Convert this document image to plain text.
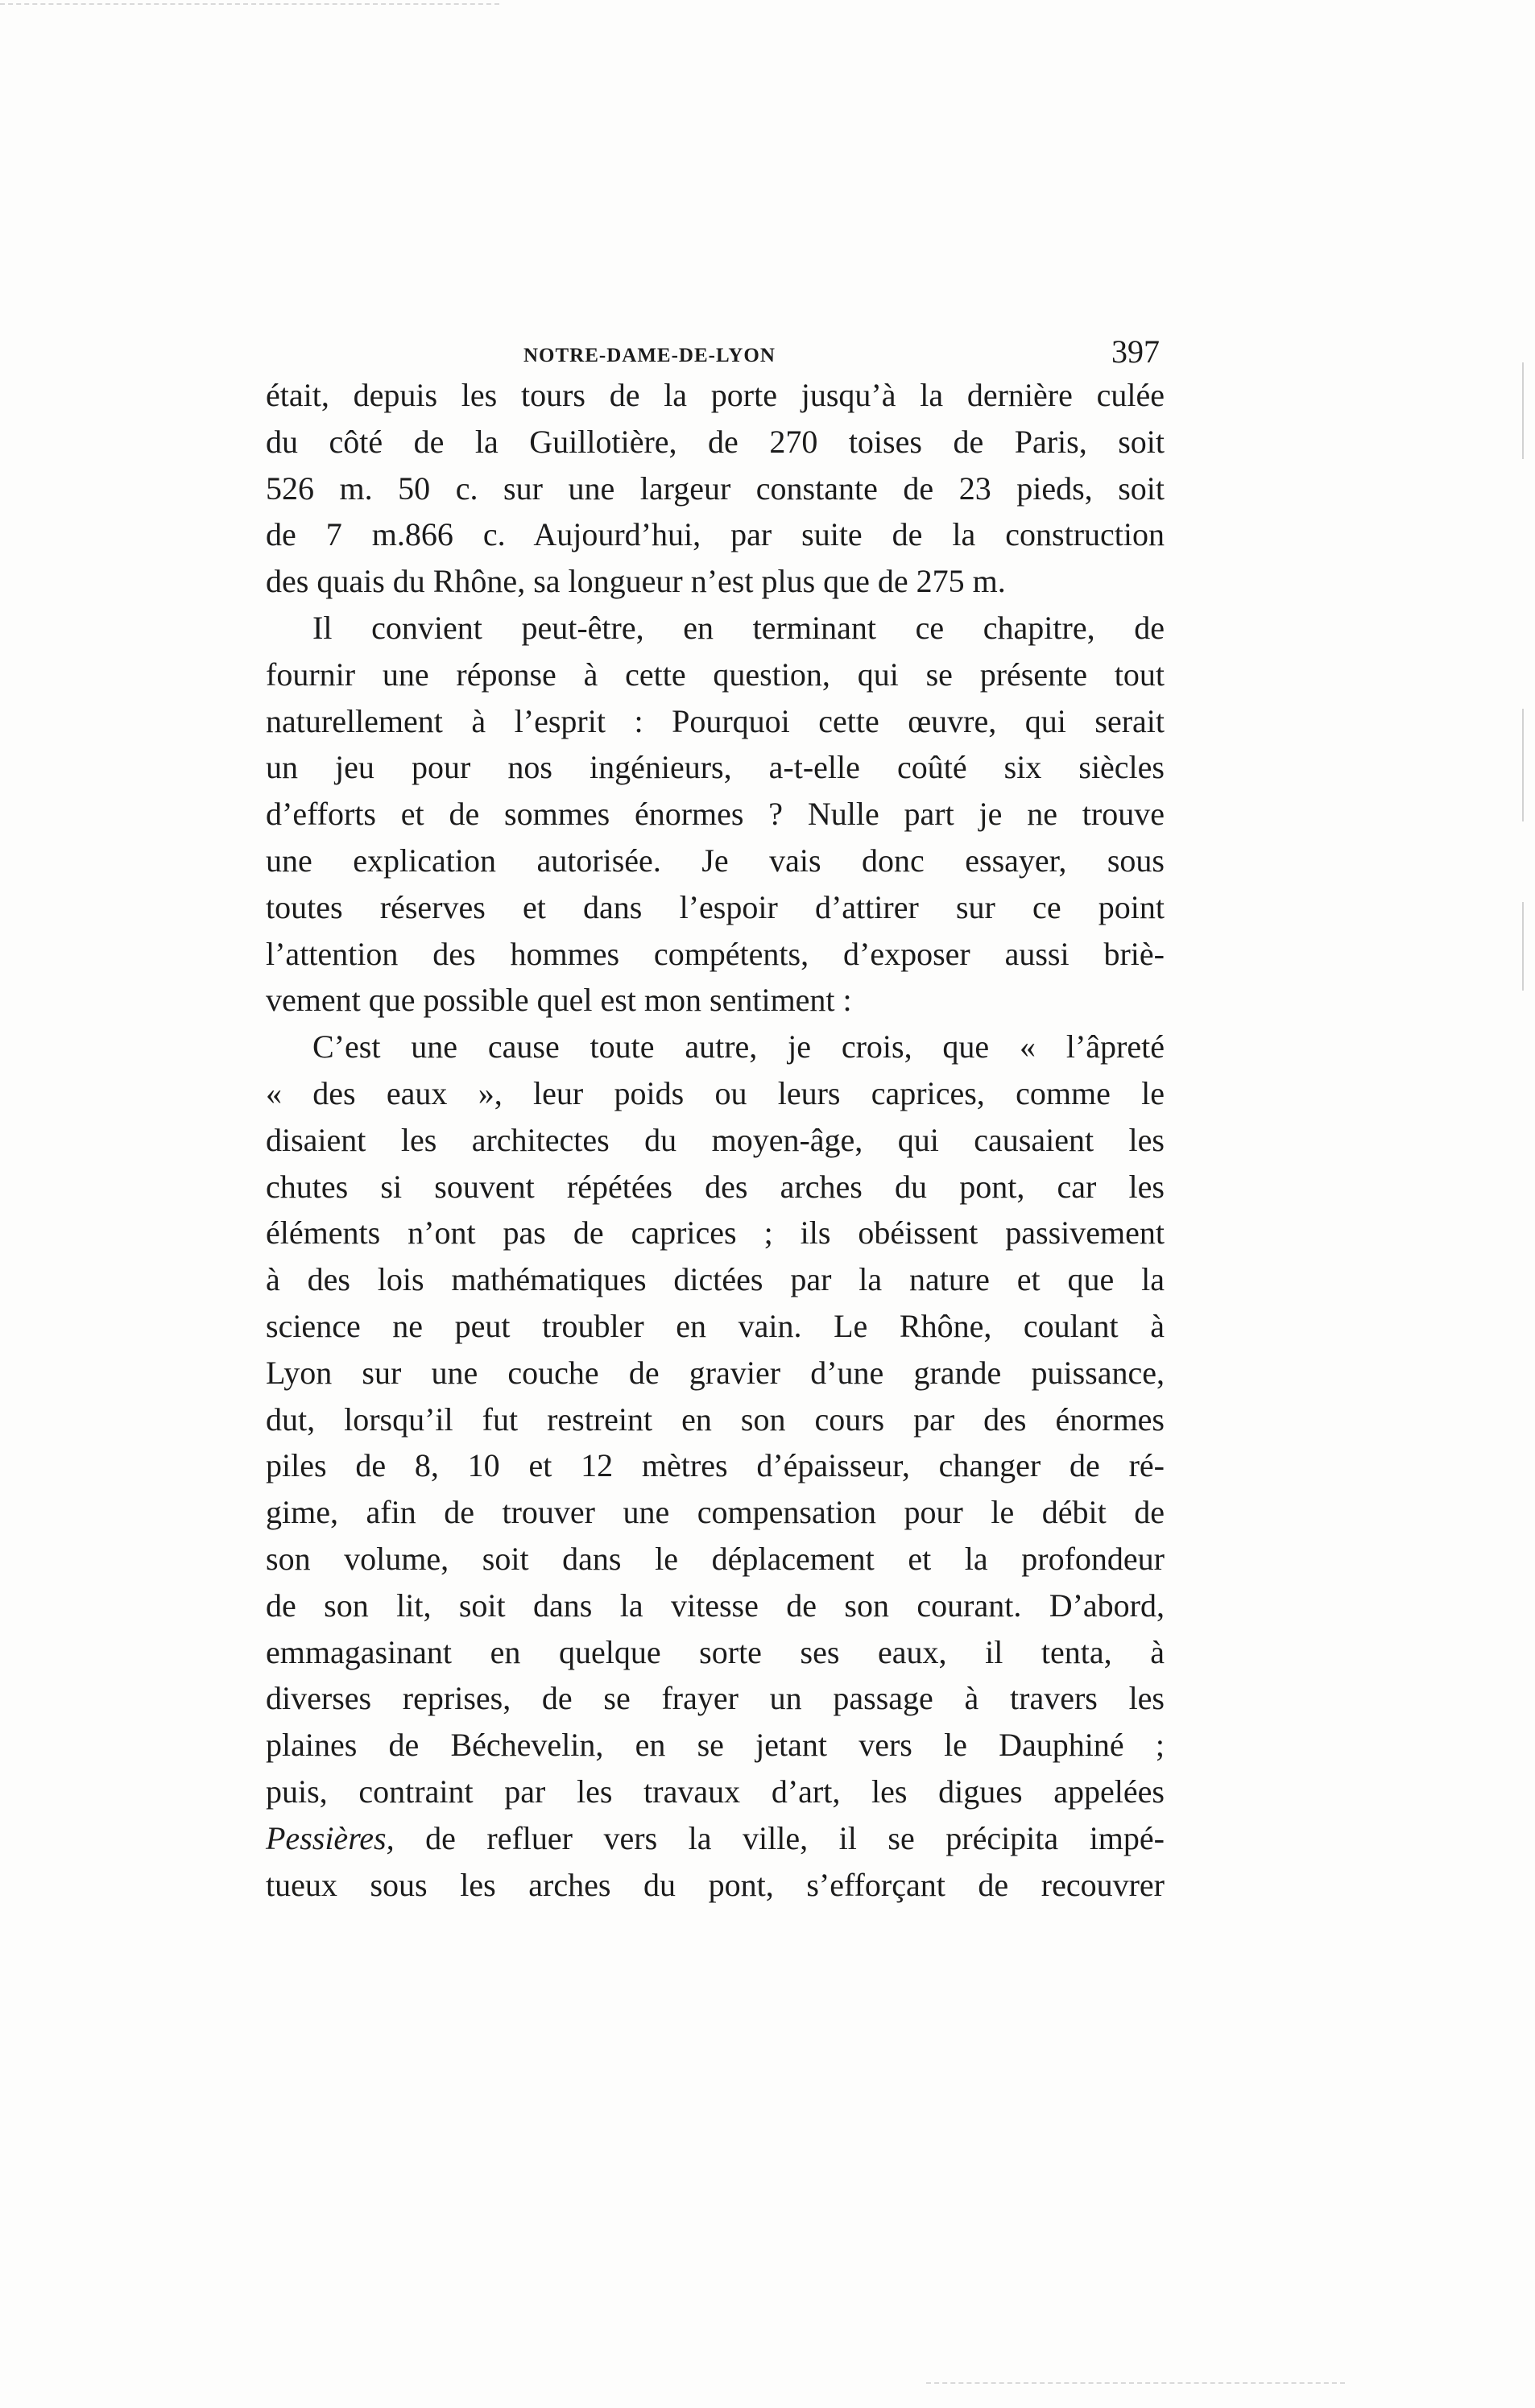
NOTRE-DAME-DE-LYON	397
était, depuis les tours de la porte jusqu’à la dernière culée
du côté de la Guillotière, de 270 toises de Paris, soit
526 m. 50 c. sur une largeur constante de 23 pieds, soit
de 7 m.866 c. Aujourd’hui, par suite de la construction
des quais du Rhône, sa longueur n’est plus que de 275 m.
Il convient peut-être, en terminant ce chapitre, de
fournir une réponse à cette question, qui se présente tout
naturellement à l’esprit : Pourquoi cette œuvre, qui serait
un jeu pour nos ingénieurs, a-t-elle coûté six siècles
d’efforts et de sommes énormes ? Nulle part je ne trouve
une explication autorisée. Je vais donc essayer, sous
toutes réserves et dans l’espoir d’attirer sur ce point
l’attention des hommes compétents, d’exposer aussi briè-
vement que possible quel est mon sentiment :
C’est une cause toute autre, je crois, que « l’âpreté
« des eaux », leur poids ou leurs caprices, comme le
disaient les architectes du moyen-âge, qui causaient les
chutes si souvent répétées des arches du pont, car les
éléments n’ont pas de caprices ; ils obéissent passivement
à des lois mathématiques dictées par la nature et que la
science ne peut troubler en vain. Le Rhône, coulant à
Lyon sur une couche de gravier d’une grande puissance,
dut, lorsqu’il fut restreint en son cours par des énormes
piles de 8, 10 et 12 mètres d’épaisseur, changer de ré-
gime, afin de trouver une compensation pour le débit de
son volume, soit dans le déplacement et la profondeur
de son lit, soit dans la vitesse de son courant. D’abord,
emmagasinant en quelque sorte ses eaux, il tenta, à
diverses reprises, de se frayer un passage à travers les
plaines de Béchevelin, en se jetant vers le Dauphiné ;
puis, contraint par les travaux d’art, les digues appelées
Pessières, de refluer vers la ville, il se précipita impé-
tueux sous les arches du pont, s’efforçant de recouvrer
